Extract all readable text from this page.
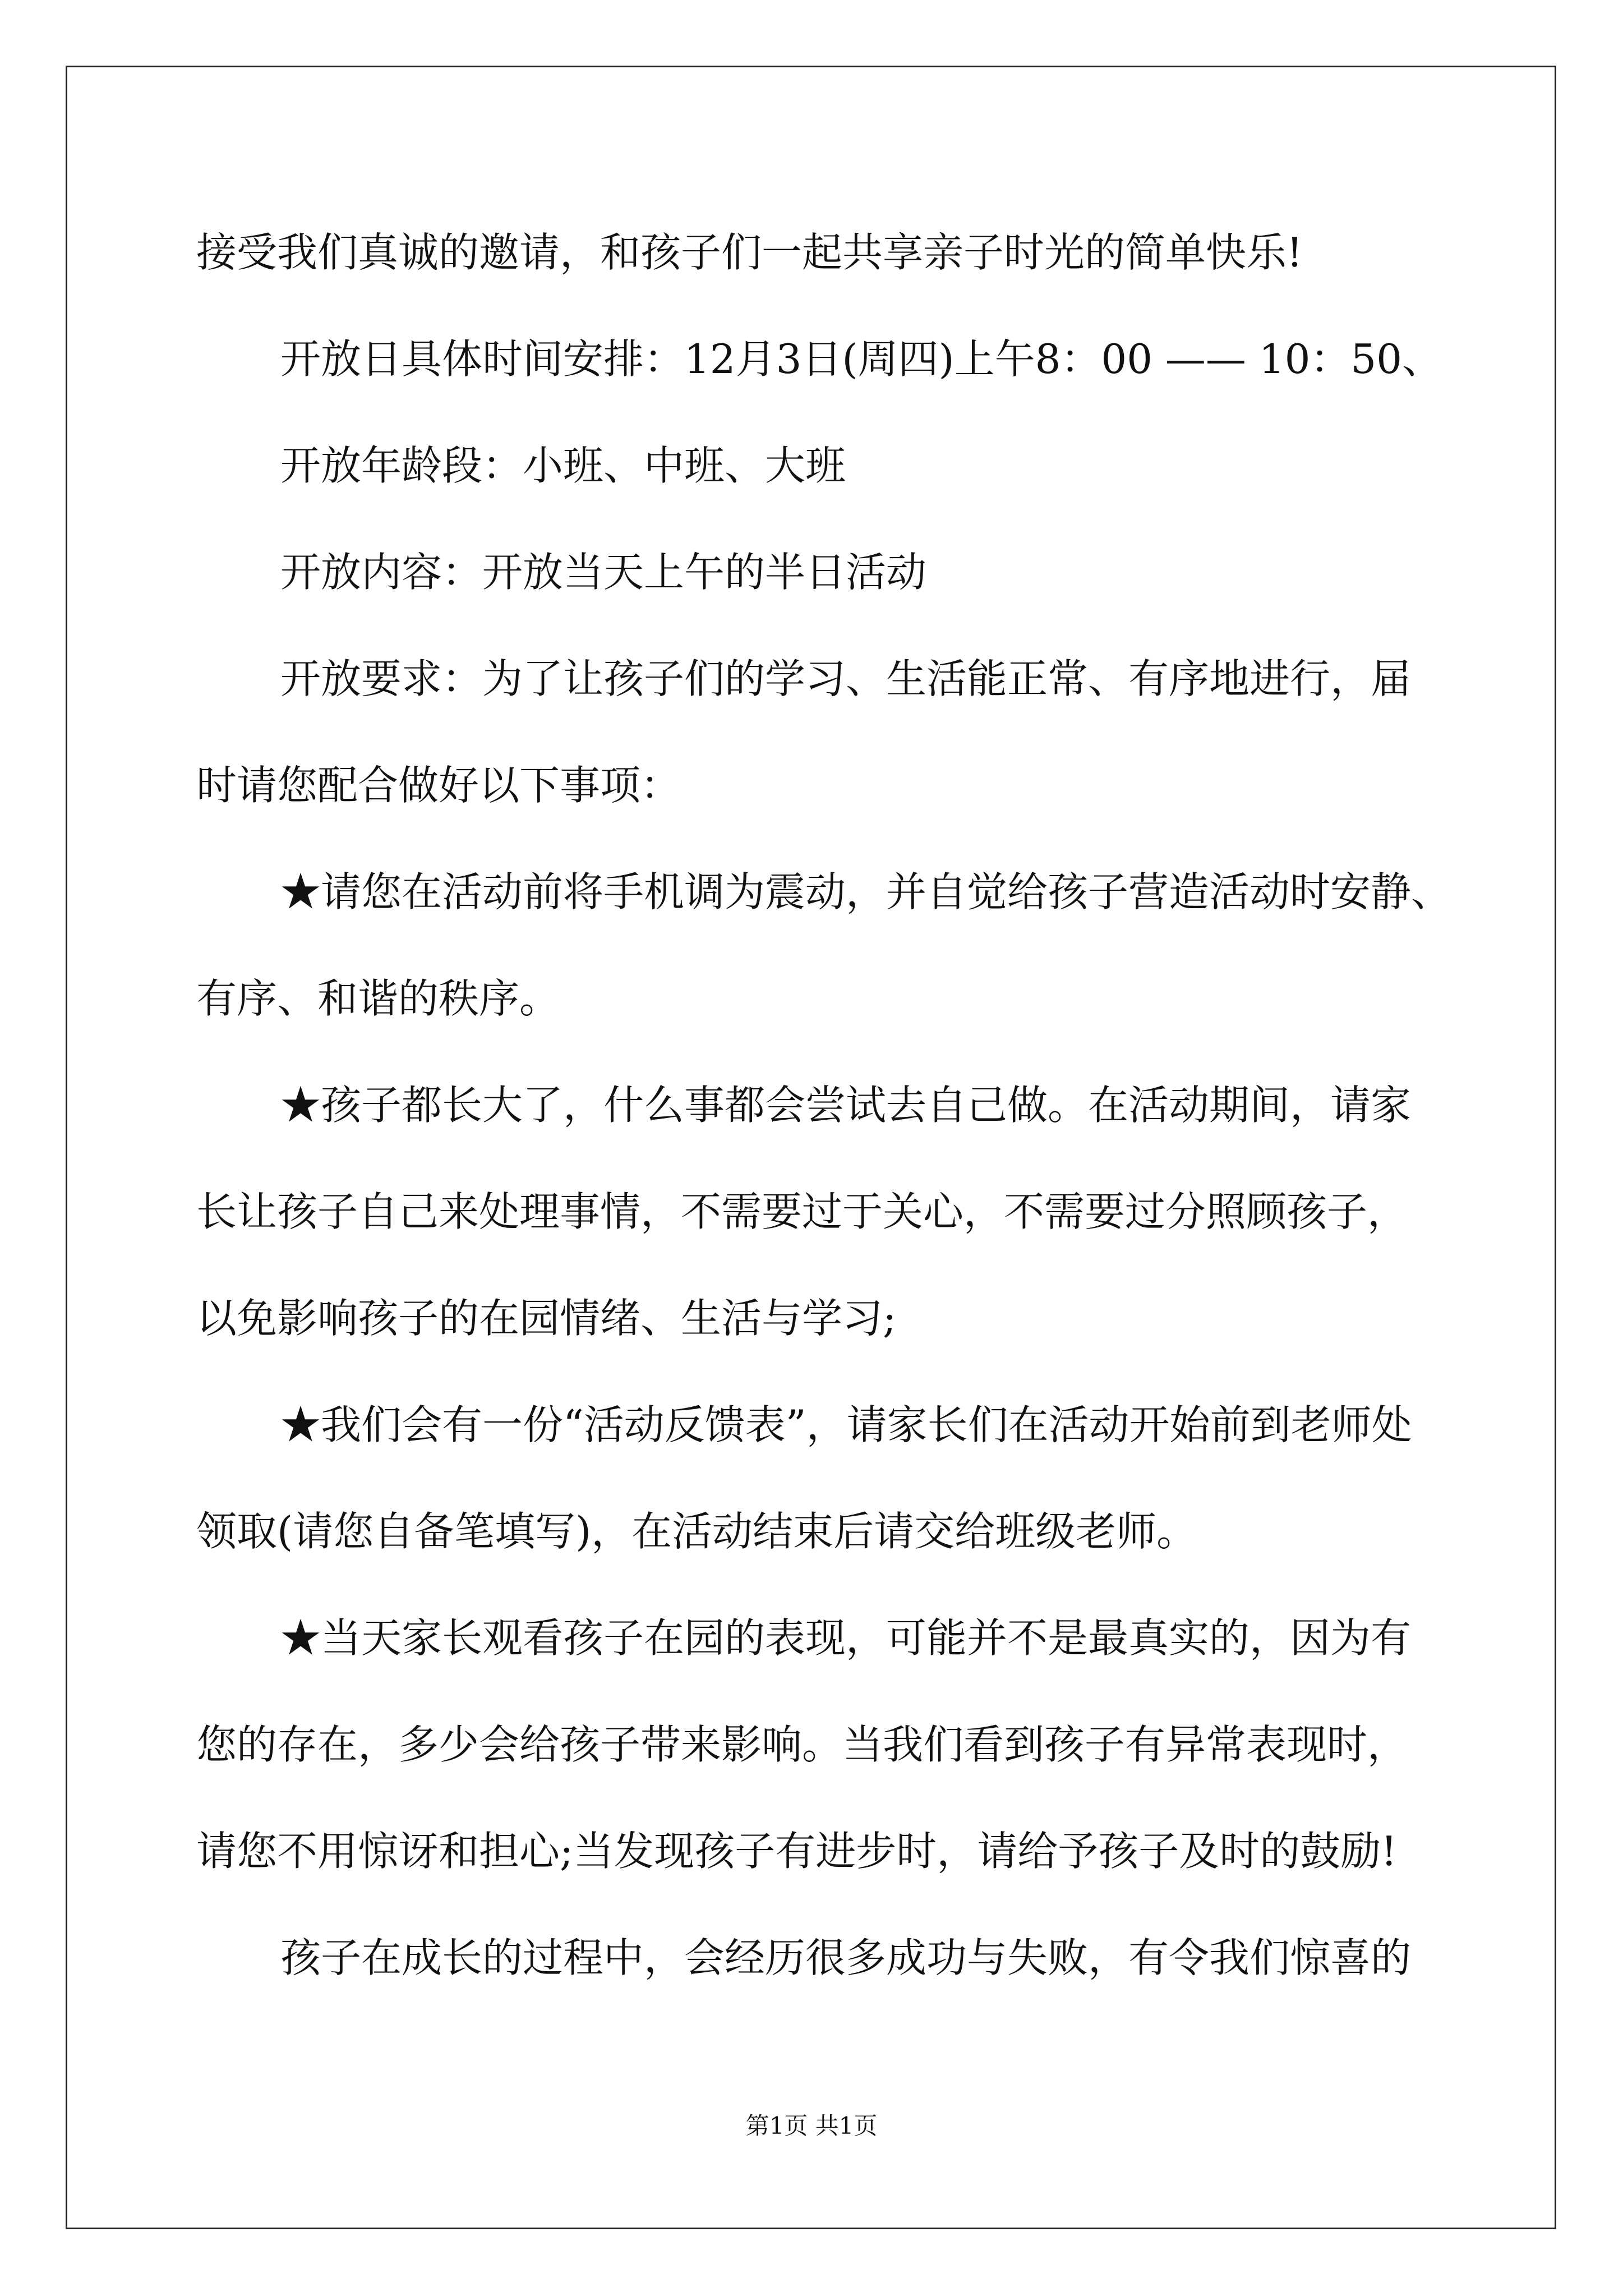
接受我们真诚的邀请，和孩子们一起共享亲子时光的简单快乐!
开放日具体时间安排：12月3日(周四)上午8：00 —— 10：50、
开放年龄段：小班、中班、大班
开放内容：开放当天上午的半日活动
开放要求：为了让孩子们的学习、生活能正常、有序地进行，届
时请您配合做好以下事项：
★请您在活动前将手机调为震动，并自觉给孩子营造活动时安静、
有序、和谐的秩序。
★孩子都长大了，什么事都会尝试去自己做。在活动期间，请家
长让孩子自己来处理事情，不需要过于关心，不需要过分照顾孩子，
以免影响孩子的在园情绪、生活与学习;
★我们会有一份“活动反馈表”，请家长们在活动开始前到老师处
领取(请您自备笔填写)，在活动结束后请交给班级老师。
★当天家长观看孩子在园的表现，可能并不是最真实的，因为有
您的存在，多少会给孩子带来影响。当我们看到孩子有异常表现时，
请您不用惊讶和担心;当发现孩子有进步时，请给予孩子及时的鼓励!
孩子在成长的过程中，会经历很多成功与失败，有令我们惊喜的
第1页 共1页
